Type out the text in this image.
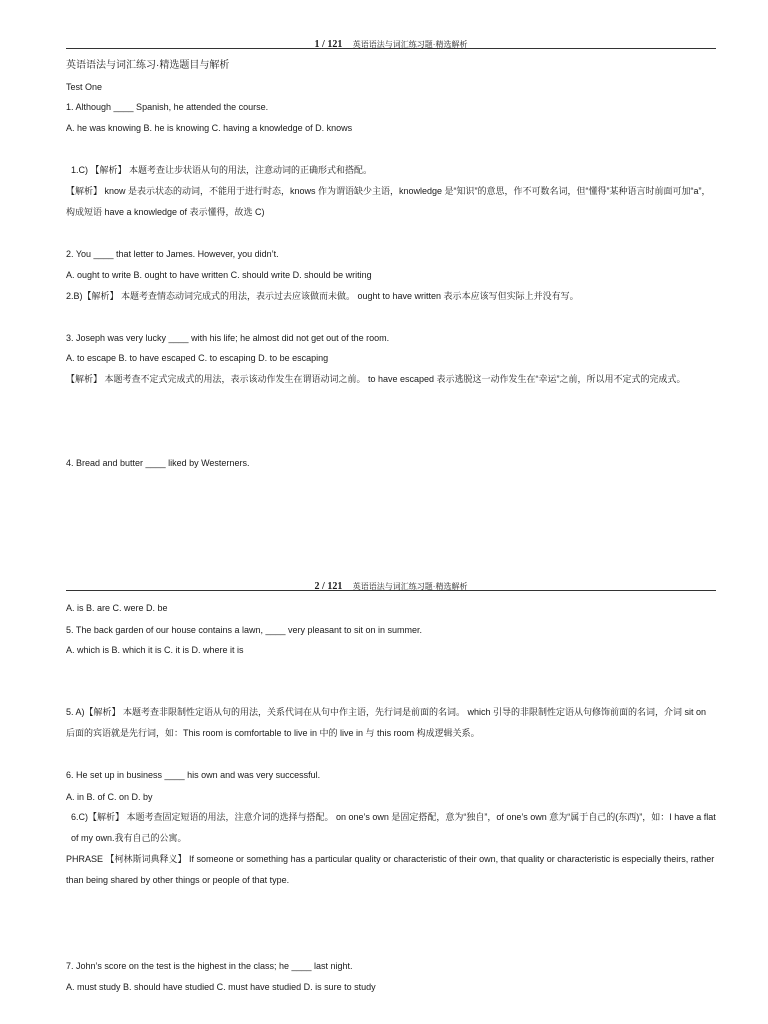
1 / 121 英语语法与词汇练习题·精选解析
英语语法与词汇练习·精选题目与解析
Test One
1. Although ____ Spanish, he attended the course.
A. he was knowing B. he is knowing C. having a knowledge of D. knows
1.C) 【解析】 本题考查让步状语从句的用法，注意动词的正确形式和搭配。
【解析】 know 是表示状态的动词，不能用于进行时态，knows 作为谓语缺少主语，knowledge 是“知识”的意思，作不可数名词，但“懂得”某种语言时前面可加“a”，构成短语 have a knowledge of 表示懂得，故选 C)
2. You ____ that letter to James. However, you didn’t.
A. ought to write B. ought to have written C. should write D. should be writing
2.B)【解析】 本题考查情态动词完成式的用法，表示过去应该做而未做。 ought to have written 表示本应该写但实际上并没有写。
3. Joseph was very lucky ____ with his life; he almost did not get out of the room.
A. to escape B. to have escaped C. to escaping D. to be escaping
【解析】 本题考查不定式完成式的用法，表示该动作发生在谓语动词之前。 to have escaped 表示逃脱这一动作发生在“幸运”之前，所以用不定式的完成式。
4. Bread and butter ____ liked by Westerners.
2 / 121 英语语法与词汇练习题·精选解析
A. is B. are C. were D. be
5. The back garden of our house contains a lawn, ____ very pleasant to sit on in summer.
A. which is B. which it is C. it is D. where it is
5. A)【解析】 本题考查非限制性定语从句的用法，关系代词在从句中作主语，先行词是前面的名词。 which 引导的非限制性定语从句修饰前面的名词，介词 sit on 后面的宾语就是先行词，如：This room is comfortable to live in 中的 live in 与 this room 构成逻辑关系。
6. He set up in business ____ his own and was very successful.
A. in B. of C. on D. by
6.C)【解析】 本题考查固定短语的用法，注意介词的选择与搭配。 on one’s own 是固定搭配，意为“独自”，of one’s own 意为“属于自己的(东西)”，如：I have a flat of my own.我有自己的公寓。
PHRASE 【柯林斯词典释义】 If someone or something has a particular quality or characteristic of their own, that quality or characteristic is especially theirs, rather than being shared by other things or people of that type.
7. John’s score on the test is the highest in the class; he ____ last night.
A. must study B. should have studied C. must have studied D. is sure to study
